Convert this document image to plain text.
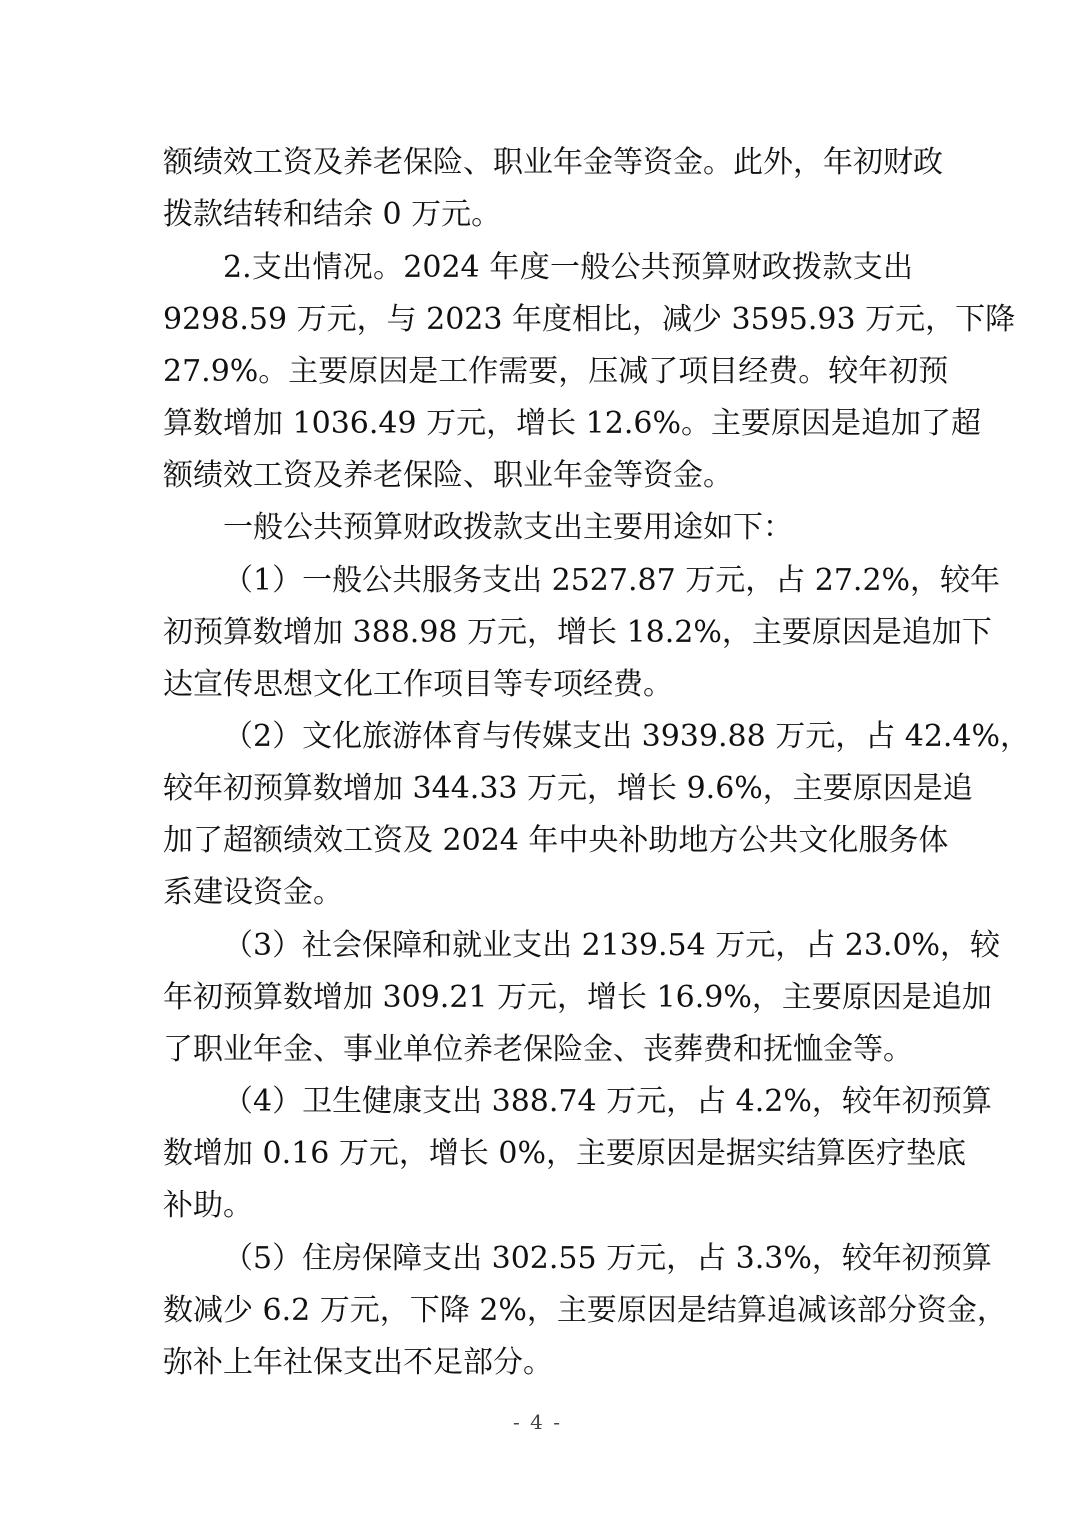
额绩效工资及养老保险、职业年金等资金。此外，年初财政
拨款结转和结余 0 万元。
2.支出情况。2024 年度一般公共预算财政拨款支出
9298.59 万元，与 2023 年度相比，减少 3595.93 万元，下降
27.9%。主要原因是工作需要，压减了项目经费。较年初预
算数增加 1036.49 万元，增长 12.6%。主要原因是追加了超
额绩效工资及养老保险、职业年金等资金。
一般公共预算财政拨款支出主要用途如下：
（1）一般公共服务支出 2527.87 万元，占 27.2%，较年
初预算数增加 388.98 万元，增长 18.2%，主要原因是追加下
达宣传思想文化工作项目等专项经费。
（2）文化旅游体育与传媒支出 3939.88 万元，占 42.4%，
较年初预算数增加 344.33 万元，增长 9.6%，主要原因是追
加了超额绩效工资及 2024 年中央补助地方公共文化服务体
系建设资金。
（3）社会保障和就业支出 2139.54 万元，占 23.0%，较
年初预算数增加 309.21 万元，增长 16.9%，主要原因是追加
了职业年金、事业单位养老保险金、丧葬费和抚恤金等。
（4）卫生健康支出 388.74 万元，占 4.2%，较年初预算
数增加 0.16 万元，增长 0%，主要原因是据实结算医疗垫底
补助。
（5）住房保障支出 302.55 万元，占 3.3%，较年初预算
数减少 6.2 万元，下降 2%，主要原因是结算追减该部分资金，
弥补上年社保支出不足部分。
- 4 -
